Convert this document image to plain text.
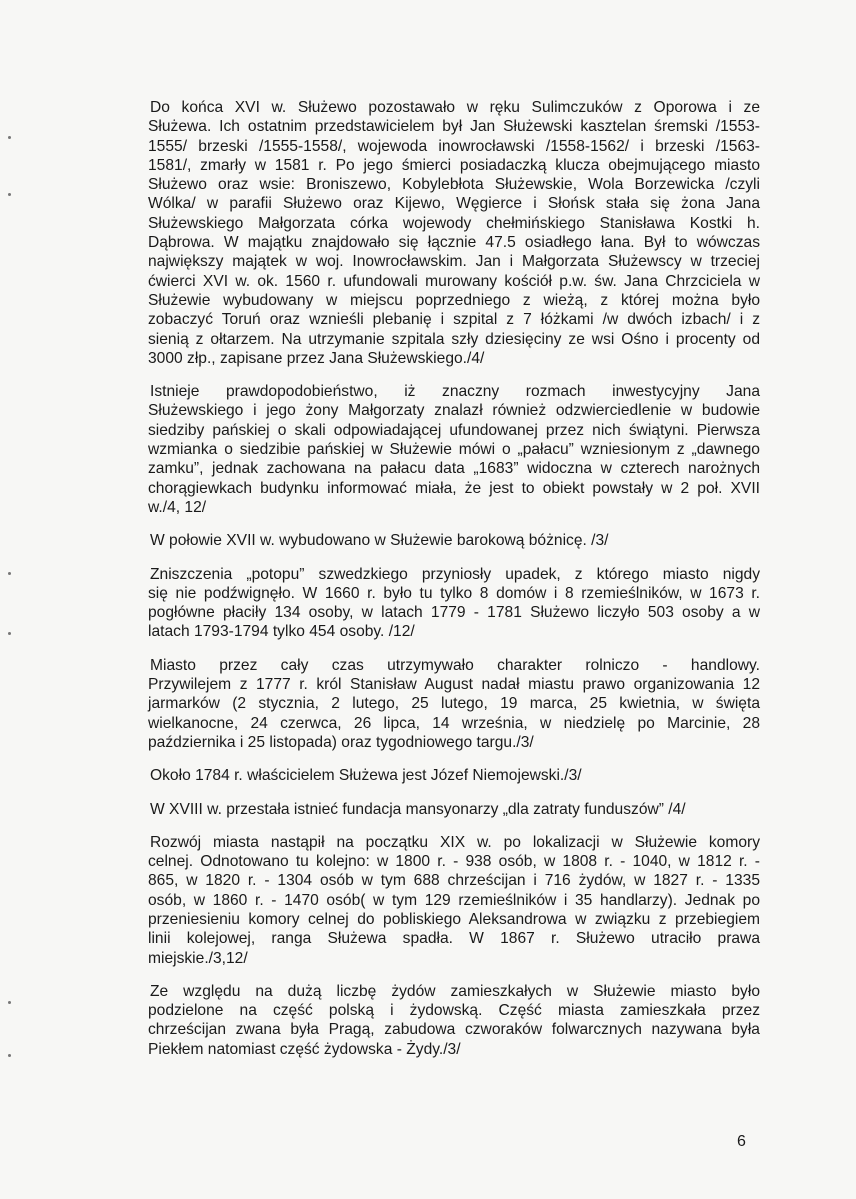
Do końca XVI w. Służewo pozostawało w ręku Sulimczuków z Oporowa i ze
Służewa. Ich ostatnim przedstawicielem był Jan Służewski kasztelan śremski /1553-
1555/ brzeski /1555-1558/, wojewoda inowrocławski /1558-1562/ i brzeski /1563-
1581/, zmarły w 1581 r. Po jego śmierci posiadaczką klucza obejmującego miasto
Służewo oraz wsie: Broniszewo, Kobylebłota Służewskie, Wola Borzewicka /czyli
Wólka/ w parafii Służewo oraz Kijewo, Węgierce i Słońsk stała się żona Jana
Służewskiego Małgorzata córka wojewody chełmińskiego Stanisława Kostki h.
Dąbrowa. W majątku znajdowało się łącznie 47.5 osiadłego łana. Był to wówczas
największy majątek w woj. Inowrocławskim. Jan i Małgorzata Służewscy w trzeciej
ćwierci XVI w. ok. 1560 r. ufundowali murowany kościół p.w. św. Jana Chrzciciela w
Służewie wybudowany w miejscu poprzedniego z wieżą, z której można było
zobaczyć Toruń oraz wznieśli plebanię i szpital z 7 łóżkami /w dwóch izbach/ i z
sienią z ołtarzem. Na utrzymanie szpitala szły dziesięciny ze wsi Ośno i procenty od
3000 złp., zapisane przez Jana Służewskiego./4/
Istnieje prawdopodobieństwo, iż znaczny rozmach inwestycyjny Jana
Służewskiego i jego żony Małgorzaty znalazł również odzwierciedlenie w budowie
siedziby pańskiej o skali odpowiadającej ufundowanej przez nich świątyni. Pierwsza
wzmianka o siedzibie pańskiej w Służewie mówi o „pałacu” wzniesionym z „dawnego
zamku”, jednak zachowana na pałacu data „1683” widoczna w czterech narożnych
chorągiewkach budynku informować miała, że jest to obiekt powstały w 2 poł. XVII
w./4, 12/
W połowie XVII w. wybudowano w Służewie barokową bóżnicę. /3/
Zniszczenia „potopu” szwedzkiego przyniosły upadek, z którego miasto nigdy
się nie podźwignęło. W 1660 r. było tu tylko 8 domów i 8 rzemieślników, w 1673 r.
pogłówne płaciły 134 osoby, w latach 1779 - 1781 Służewo liczyło 503 osoby a w
latach 1793-1794 tylko 454 osoby. /12/
Miasto przez cały czas utrzymywało charakter rolniczo - handlowy.
Przywilejem z 1777 r. król Stanisław August nadał miastu prawo organizowania 12
jarmarków (2 stycznia, 2 lutego, 25 lutego, 19 marca, 25 kwietnia, w święta
wielkanocne, 24 czerwca, 26 lipca, 14 września, w niedzielę po Marcinie, 28
października i 25 listopada) oraz tygodniowego targu./3/
Około 1784 r. właścicielem Służewa jest Józef Niemojewski./3/
W XVIII w. przestała istnieć fundacja mansyonarzy „dla zatraty funduszów” /4/
Rozwój miasta nastąpił na początku XIX w. po lokalizacji w Służewie komory
celnej. Odnotowano tu kolejno: w 1800 r. - 938 osób, w 1808 r. - 1040, w 1812 r. -
865, w 1820 r. - 1304 osób w tym 688 chrześcijan i 716 żydów, w 1827 r. - 1335
osób, w 1860 r. - 1470 osób( w tym 129 rzemieślników i 35 handlarzy). Jednak po
przeniesieniu komory celnej do pobliskiego Aleksandrowa w związku z przebiegiem
linii kolejowej, ranga Służewa spadła. W 1867 r. Służewo utraciło prawa
miejskie./3,12/
Ze względu na dużą liczbę żydów zamieszkałych w Służewie miasto było
podzielone na część polską i żydowską. Część miasta zamieszkała przez
chrześcijan zwana była Pragą, zabudowa czworaków folwarcznych nazywana była
Piekłem natomiast część żydowska - Żydy./3/
6
